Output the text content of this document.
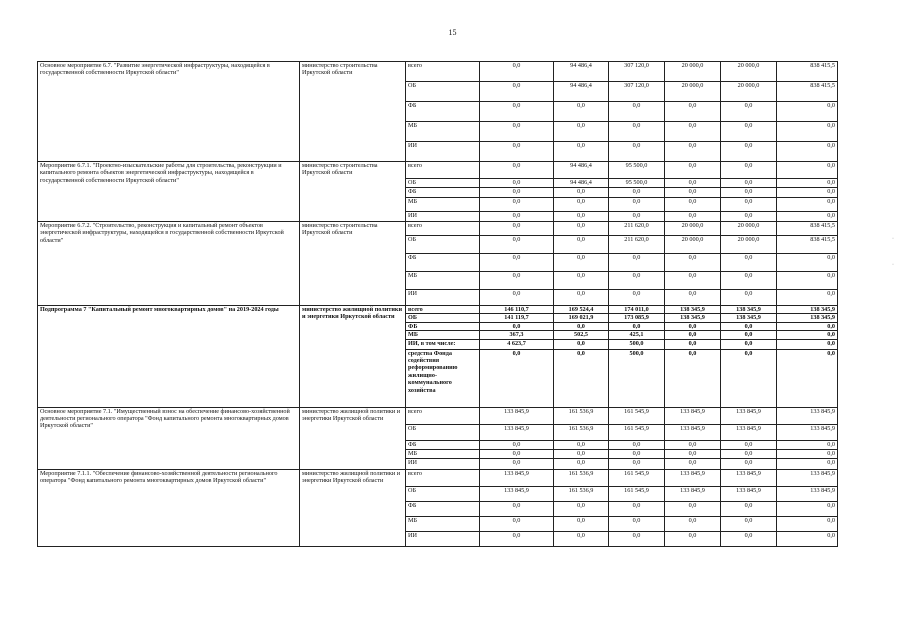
15
Основное мероприятие 6.7. "Развитие энергетической инфраструктуры, находящейся в государственной собственности Иркутской области"	министерство строительства Иркутской области	всего	0,0	94 486,4	307 120,0	20 000,0	20 000,0	838 415,5
		ОБ	0,0	94 486,4	307 120,0	20 000,0	20 000,0	838 415,5
		ФБ	0,0	0,0	0,0	0,0	0,0	0,0
		МБ	0,0	0,0	0,0	0,0	0,0	0,0
		ИИ	0,0	0,0	0,0	0,0	0,0	0,0
Мероприятие 6.7.1. "Проектно-изыскательские работы для строительства, реконструкции и капитального ремонта объектов энергетической инфраструктуры, находящейся в государственной собственности Иркутской области"	министерство строительства Иркутской области	всего	0,0	94 486,4	95 500,0	0,0	0,0	0,0
		ОБ	0,0	94 486,4	95 500,0	0,0	0,0	0,0
		ФБ	0,0	0,0	0,0	0,0	0,0	0,0
		МБ	0,0	0,0	0,0	0,0	0,0	0,0
		ИИ	0,0	0,0	0,0	0,0	0,0	0,0
Мероприятие 6.7.2. "Строительство, реконструкция и капитальный ремонт объектов энергетической инфраструктуры, находящейся в государственной собственности Иркутской области"	министерство строительства Иркутской области	всего	0,0	0,0	211 620,0	20 000,0	20 000,0	838 415,5
		ОБ	0,0	0,0	211 620,0	20 000,0	20 000,0	838 415,5
		ФБ	0,0	0,0	0,0	0,0	0,0	0,0
		МБ	0,0	0,0	0,0	0,0	0,0	0,0
		ИИ	0,0	0,0	0,0	0,0	0,0	0,0
Подпрограмма 7 "Капитальный ремонт многоквартирных домов" на 2019-2024 годы	министерство жилищной политики и энергетики Иркутской области	всего	146 110,7	169 524,4	174 011,0	138 345,9	138 345,9	138 345,9
		ОБ	141 119,7	169 021,9	173 085,9	138 345,9	138 345,9	138 345,9
		ФБ	0,0	0,0	0,0	0,0	0,0	0,0
		МБ	367,3	502,5	425,1	0,0	0,0	0,0
		ИИ, в том числе:	4 623,7	0,0	500,0	0,0	0,0	0,0
		средства Фонда содействия реформированию жилищно-коммунального хозяйства	0,0	0,0	500,0	0,0	0,0	0,0
Основное мероприятие 7.1. "Имущественный взнос на обеспечение финансово-хозяйственной деятельности регионального оператора "Фонд капитального ремонта многоквартирных домов Иркутской области"	министерство жилищной политики и энергетики Иркутской области	всего	133 845,9	161 536,9	161 545,9	133 845,9	133 845,9	133 845,9
		ОБ	133 845,9	161 536,9	161 545,9	133 845,9	133 845,9	133 845,9
		ФБ	0,0	0,0	0,0	0,0	0,0	0,0
		МБ	0,0	0,0	0,0	0,0	0,0	0,0
		ИИ	0,0	0,0	0,0	0,0	0,0	0,0
Мероприятие 7.1.1. "Обеспечение финансово-хозяйственной деятельности регионального оператора "Фонд капитального ремонта многоквартирных домов Иркутской области"	министерство жилищной политики и энергетики Иркутской области	всего	133 845,9	161 536,9	161 545,9	133 845,9	133 845,9	133 845,9
		ОБ	133 845,9	161 536,9	161 545,9	133 845,9	133 845,9	133 845,9
		ФБ	0,0	0,0	0,0	0,0	0,0	0,0
		МБ	0,0	0,0	0,0	0,0	0,0	0,0
		ИИ	0,0	0,0	0,0	0,0	0,0	0,0
·
·
